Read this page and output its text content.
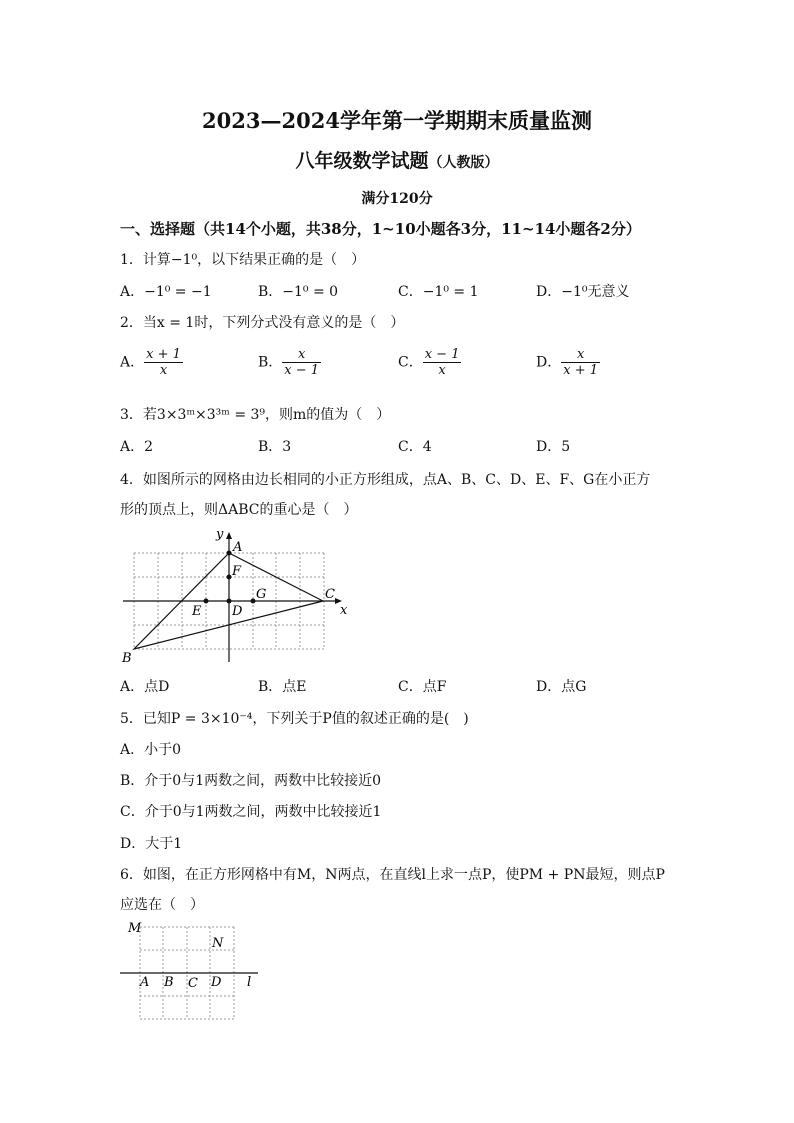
2023—2024学年第一学期期末质量监测
八年级数学试题（人教版）
满分120分
一、选择题（共14个小题，共38分，1~10小题各3分，11~14小题各2分）
1．计算−1⁰，以下结果正确的是（　）
A．−1⁰ = −1	B．−1⁰ = 0	C．−1⁰ = 1	D．−1⁰无意义
2．当x = 1时，下列分式没有意义的是（　）
A． $\frac{x + 1}{x}$	B． $\frac{x}{x - 1}$	C． $\frac{x - 1}{x}$	D． $\frac{x}{x + 1}$
3．若3×3ᵐ×3³ᵐ = 3⁹，则m的值为（　）
A．2	B．3	C．4	D．5
4．如图所示的网格由边长相同的小正方形组成，点A、B、C、D、E、F、G在小正方
形的顶点上，则ΔABC的重心是（　）
y
A
F
E D
G	C
x
B
A．点D	B．点E	C．点F	D．点G
5．已知P = 3×10⁻⁴，下列关于P值的叙述正确的是(　)
A．小于0
B．介于0与1两数之间，两数中比较接近0
C．介于0与1两数之间，两数中比较接近1
D．大于1
6．如图，在正方形网格中有M，N两点，在直线l上求一点P，使PM + PN最短，则点P
应选在（　）
M
N
A B C D l
